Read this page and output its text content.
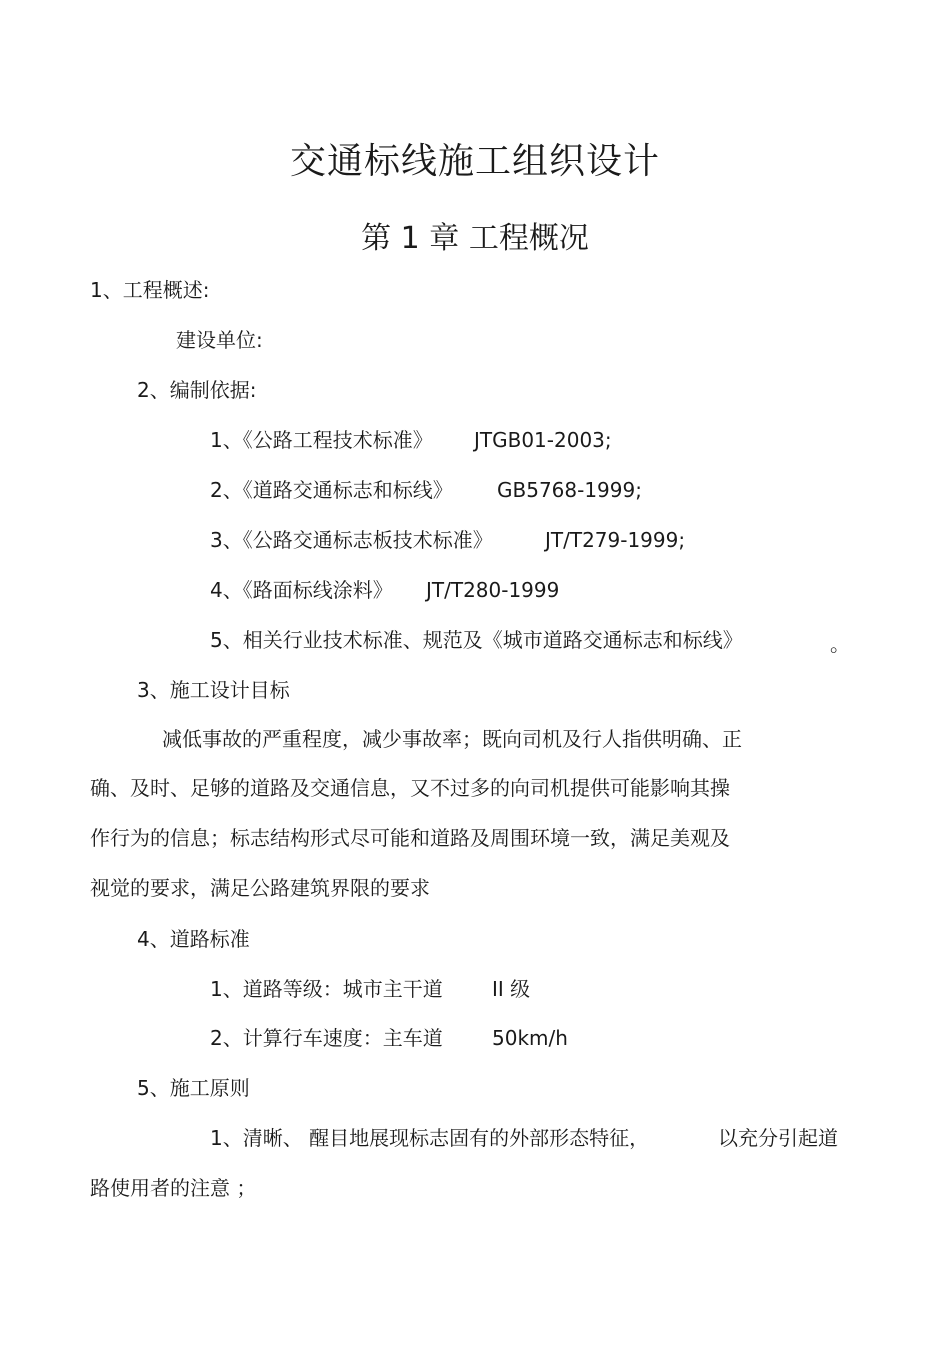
交通标线施工组织设计
第 1 章 工程概况
1、工程概述:
建设单位:
2、编制依据:
1、《公路工程技术标准》 JTGB01-2003;
2、《道路交通标志和标线》 GB5768-1999;
3、《公路交通标志板技术标准》	JT/T279-1999;
4、《路面标线涂料》 JT/T280-1999
5、相关行业技术标准、规范及《城市道路交通标志和标线》	。
3、施工设计目标
减低事故的严重程度，减少事故率；既向司机及行人指供明确、正
确、及时、足够的道路及交通信息，又不过多的向司机提供可能影响其操
作行为的信息；标志结构形式尽可能和道路及周围环境一致，满足美观及
视觉的要求，满足公路建筑界限的要求
4、道路标准
1、道路等级：城市主干道 II 级
2、计算行车速度：主车道 50km/h
5、施工原则
1、清晰、 醒目地展现标志固有的外部形态特征，	以充分引起道
路使用者的注意 ；
